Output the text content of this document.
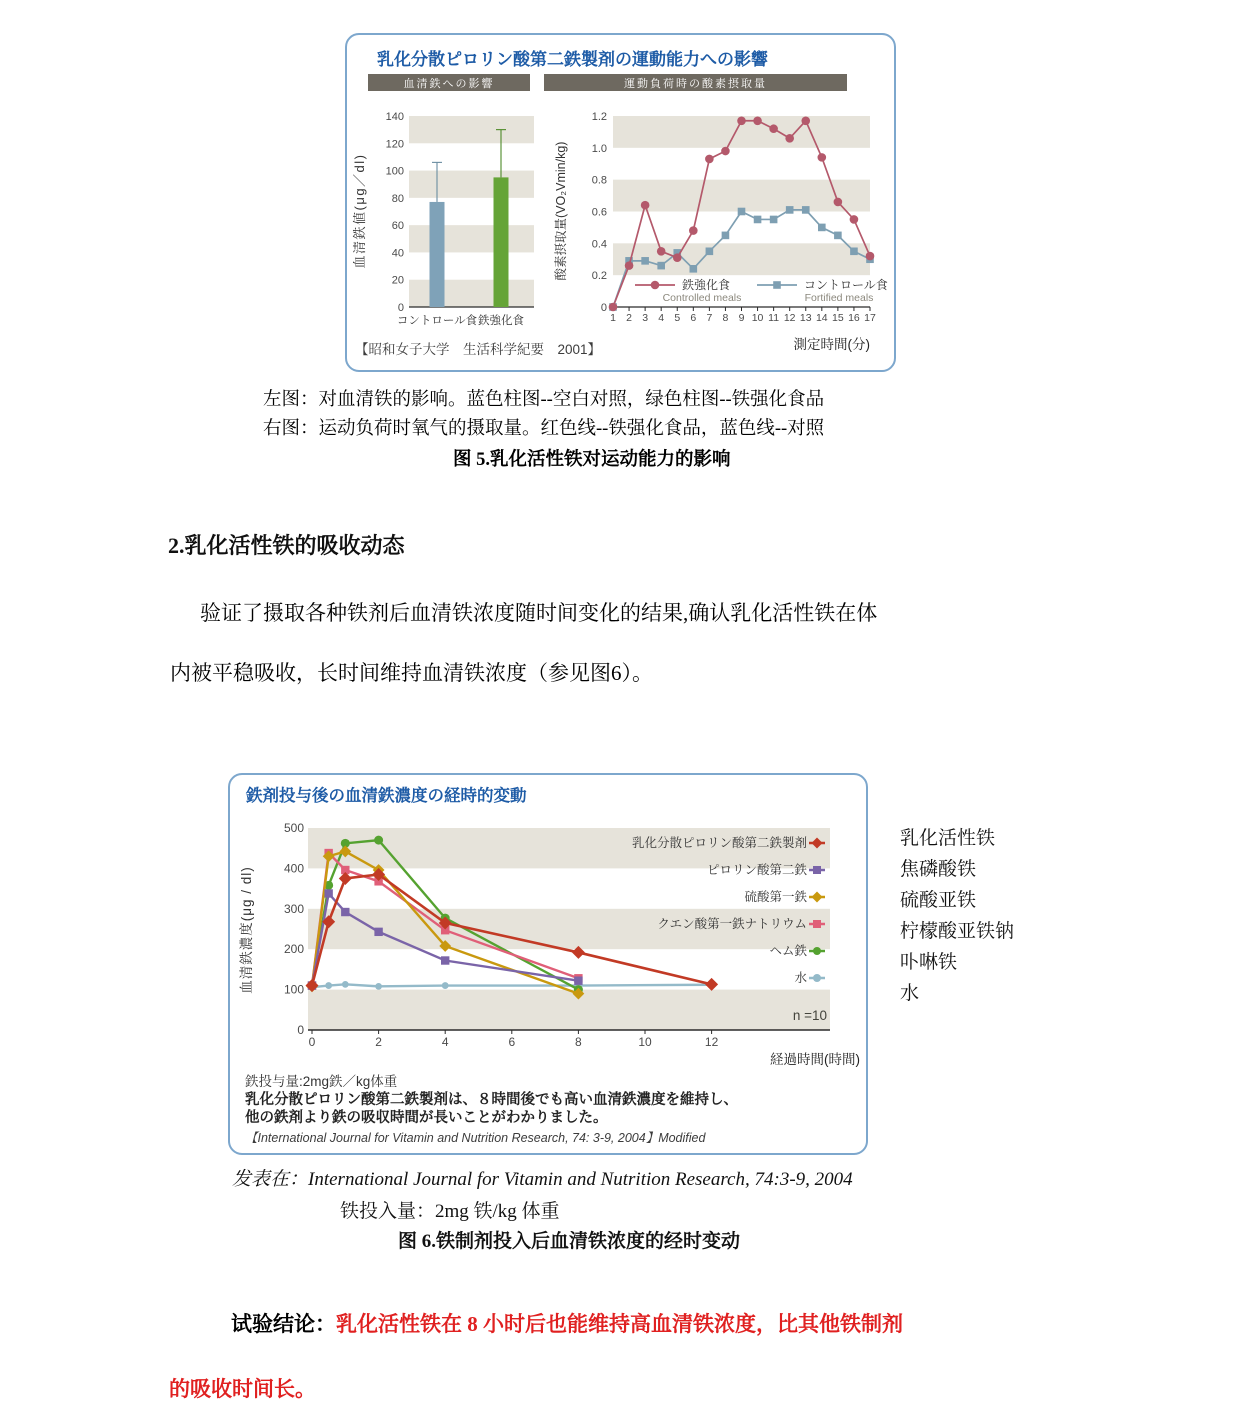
乳化分散ピロリン酸第二鉄製剤の運動能力への影響
血清鉄への影響	運動負荷時の酸素摂取量
0
20
40
60
80
100
120
140
コントロール食 鉄強化食
血清鉄値(μg／dl)
0
0.2
0.4
0.6
0.8
1.0
1.2
1 2 3 4 5 6 7 8 9 10 11 12 13 14 15 16 17
鉄強化食
Controlled meals
コントロール食
Fortified meals
測定時間(分)
酸素摂取量(VO₂Vmin/kg)
【昭和女子大学　生活科学紀要　2001】
左图：对血清铁的影响。蓝色柱图--空白对照，绿色柱图--铁强化食品
右图：运动负荷时氧气的摄取量。红色线--铁强化食品，蓝色线--对照
图 5.乳化活性铁对运动能力的影响
2.乳化活性铁的吸收动态
验证了摄取各种铁剂后血清铁浓度随时间变化的结果,确认乳化活性铁在体
内被平稳吸收，长时间维持血清铁浓度（参见图6）。
鉄剤投与後の血清鉄濃度の経時的変動
0
100
200
300
400
500
0	2	4	6	8	10	12
乳化分散ピロリン酸第二鉄製剤
ピロリン酸第二鉄
硫酸第一鉄
クエン酸第一鉄ナトリウム
ヘム鉄
水
n =10
経過時間(時間)
血清鉄濃度(μg / dl)
鉄投与量:2mg鉄／kg体重
乳化分散ピロリン酸第二鉄製剤は、８時間後でも高い血清鉄濃度を維持し、
他の鉄剤より鉄の吸収時間が長いことがわかりました。
【International Journal for Vitamin and Nutrition Research, 74: 3-9, 2004】Modified
乳化活性铁
焦磷酸铁
硫酸亚铁
柠檬酸亚铁钠
卟啉铁
水
发表在：International Journal for Vitamin and Nutrition Research, 74:3-9, 2004
铁投入量：2mg 铁/kg 体重
图 6.铁制剂投入后血清铁浓度的经时变动
试验结论：乳化活性铁在 8 小时后也能维持高血清铁浓度，比其他铁制剂
的吸收时间长。
